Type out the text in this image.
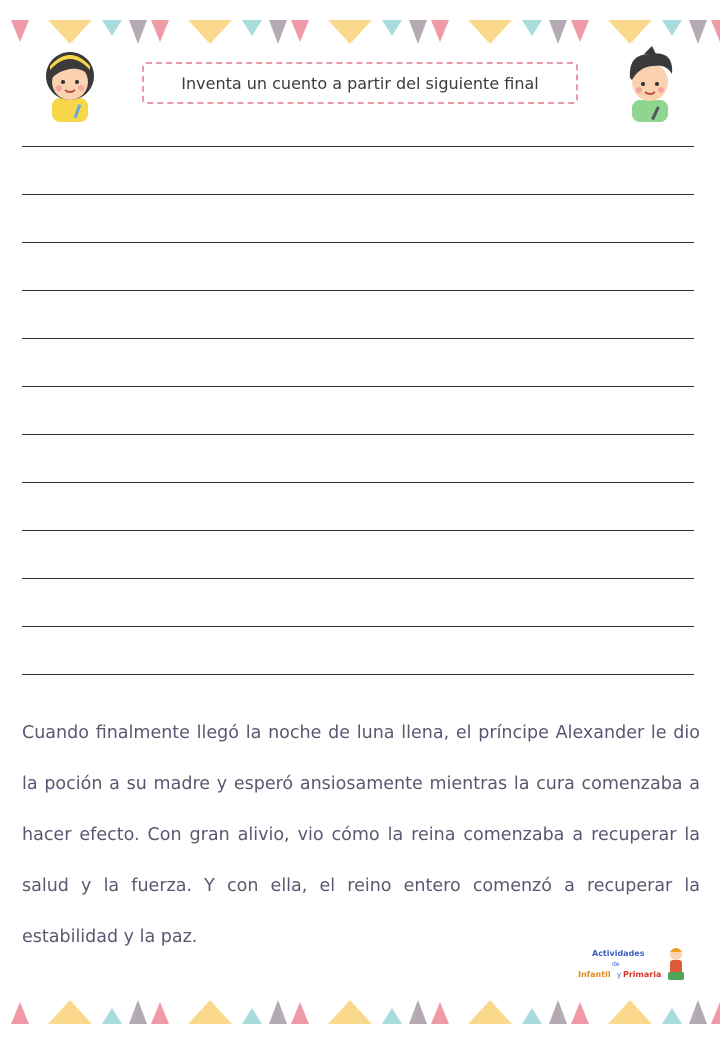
Inventa un cuento a partir del siguiente final
Cuando finalmente llegó la noche de luna llena, el príncipe Alexander le dio la poción a su madre y esperó ansiosamente mientras la cura comenzaba a hacer efecto. Con gran alivio, vio cómo la reina comenzaba a recuperar la salud y la fuerza. Y con ella, el reino entero comenzó a recuperar la estabilidad y la paz.
Actividades
de
Infantil y Primaria
